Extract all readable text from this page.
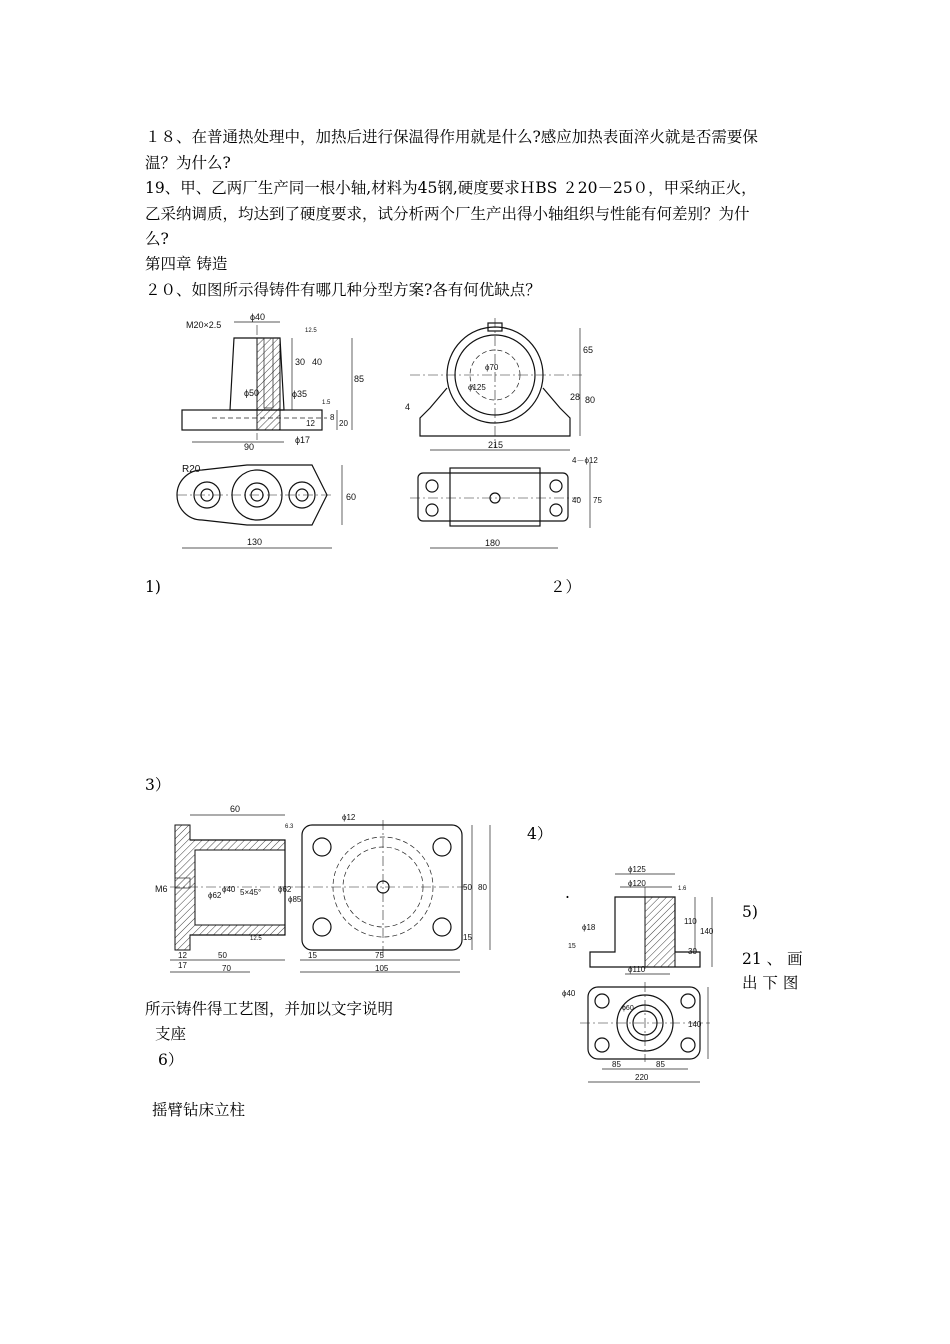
１８、在普通热处理中，加热后进行保温得作用就是什么?感应加热表面淬火就是否需要保
温？为什么?
19、甲、乙两厂生产同一根小轴,材料为45钢,硬度要求ＨBS ２20－25０，甲采纳正火，
乙采纳调质，均达到了硬度要求，试分析两个厂生产出得小轴组织与性能有何差别？为什
么?
第四章 铸造
２０、如图所示得铸件有哪几种分型方案?各有何优缺点？
1)	２）
3）
4）
.
5)
21 、 画
出 下 图
所示铸件得工艺图，并加以文字说明
支座
6）
摇臂钻床立柱
M20×2.5
ϕ40
12.5
30 40
85
ϕ50	ϕ35
1.5
8
20
12
90
ϕ17
R20
60
130
65
28 80
4
ϕ70
ϕ125
215
4－ϕ12
40 75
180
60
6.3
M6
ϕ62
ϕ40 5×45° ϕ62
ϕ85
12.5
12
17
50
70
ϕ12
50 80
15
15	75
105
ϕ125
ϕ120
1.6
110
140
ϕ18
15
30
ϕ110
ϕ40
ϕ60
140
85	85
220
